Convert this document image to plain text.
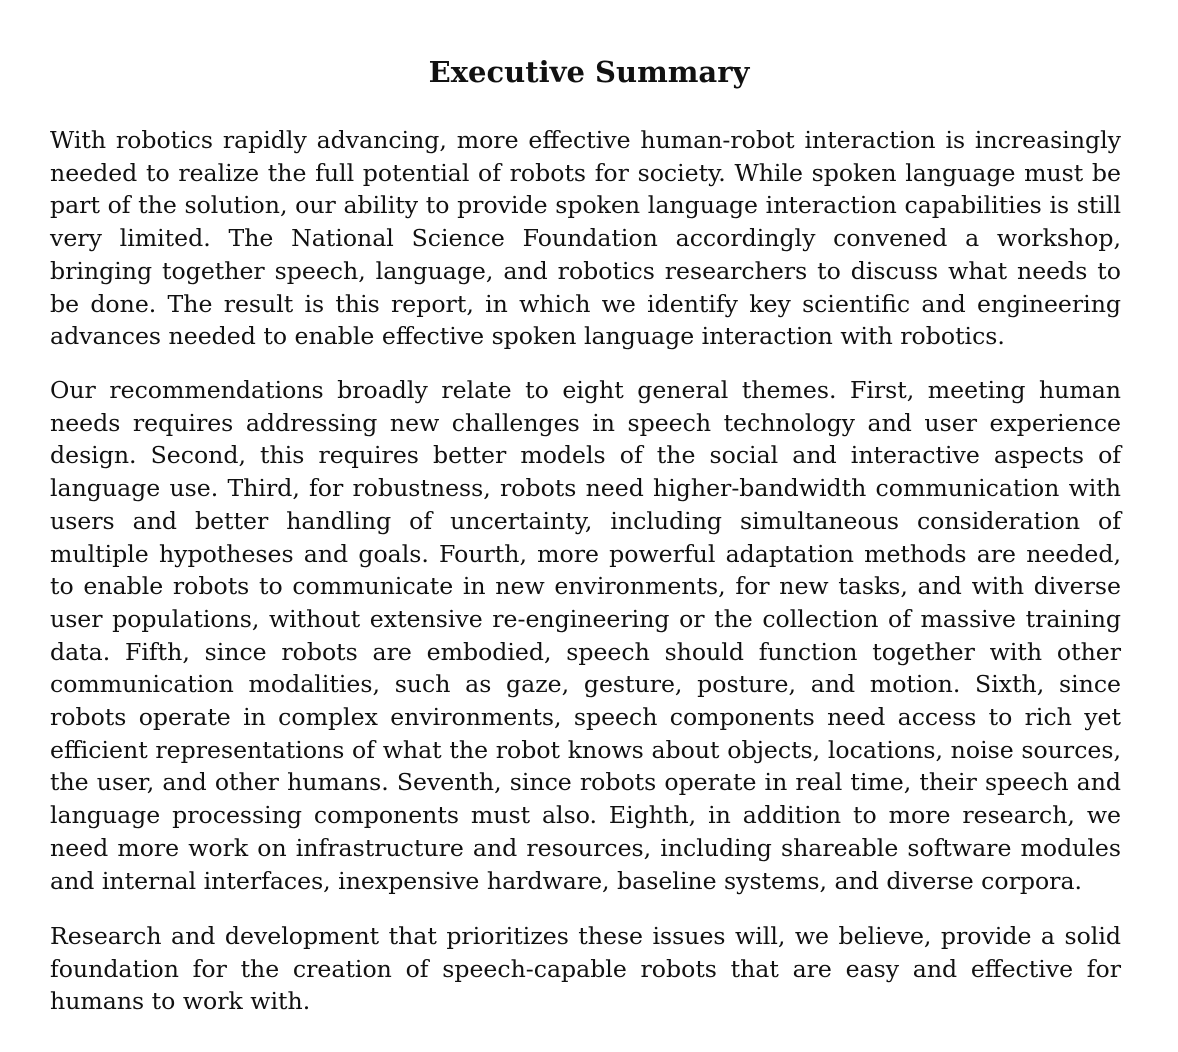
Executive Summary

With robotics rapidly advancing, more effective human-robot interaction is increasingly needed to realize the full potential of robots for society. While spoken language must be part of the solution, our ability to provide spoken language interaction capabilities is still very limited. The National Science Foundation accordingly convened a workshop, bringing together speech, language, and robotics researchers to discuss what needs to be done. The result is this report, in which we identify key scientific and engineering advances needed to enable effective spoken language interaction with robotics.

Our recommendations broadly relate to eight general themes. First, meeting human needs requires addressing new challenges in speech technology and user experience design. Second, this requires better models of the social and interactive aspects of language use. Third, for robustness, robots need higher-bandwidth communication with users and better handling of uncertainty, including simultaneous consideration of multiple hypotheses and goals. Fourth, more powerful adaptation methods are needed, to enable robots to communicate in new environments, for new tasks, and with diverse user populations, without extensive re-engineering or the collection of massive training data. Fifth, since robots are embodied, speech should function together with other communication modalities, such as gaze, gesture, posture, and motion. Sixth, since robots operate in complex environments, speech components need access to rich yet efficient representations of what the robot knows about objects, locations, noise sources, the user, and other humans. Seventh, since robots operate in real time, their speech and language processing components must also. Eighth, in addition to more research, we need more work on infrastructure and resources, including shareable software modules and internal interfaces, inexpensive hardware, baseline systems, and diverse corpora.

Research and development that prioritizes these issues will, we believe, provide a solid foundation for the creation of speech-capable robots that are easy and effective for humans to work with.
